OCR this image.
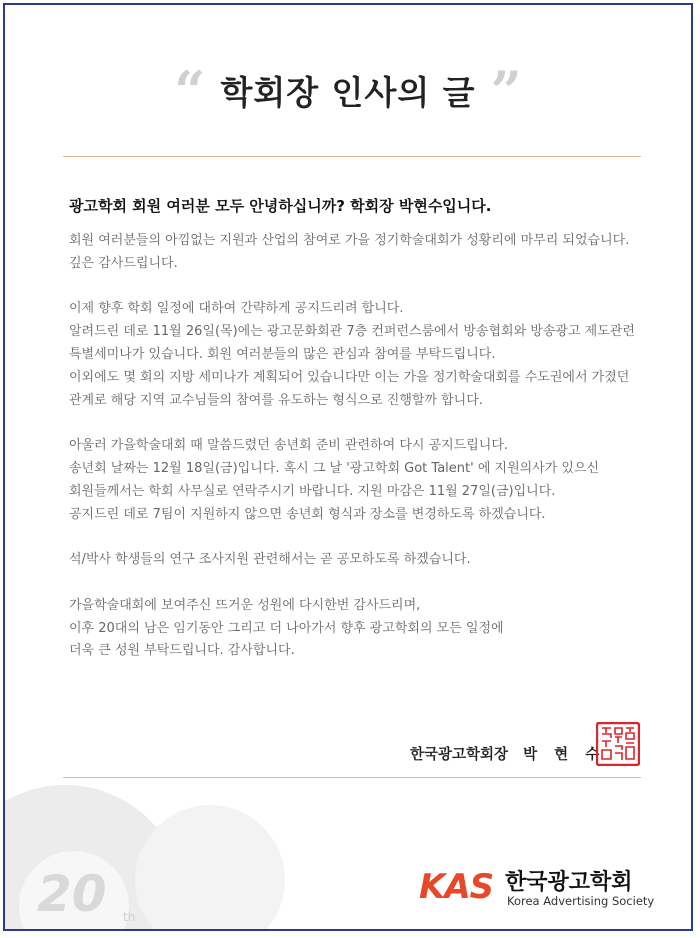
“ 학회장 인사의 글 ”
광고학회 회원 여러분 모두 안녕하십니까? 학회장 박현수입니다.
회원 여러분들의 아낌없는 지원과 산업의 참여로 가을 정기학술대회가 성황리에 마무리 되었습니다.
깊은 감사드립니다.
이제 향후 학회 일정에 대하여 간략하게 공지드리려 합니다.
알려드린 데로 11월 26일(목)에는 광고문화회관 7층 컨퍼런스룸에서 방송협회와 방송광고 제도관련
특별세미나가 있습니다. 회원 여러분들의 많은 관심과 참여를 부탁드립니다.
이외에도 몇 회의 지방 세미나가 계획되어 있습니다만 이는 가을 정기학술대회를 수도권에서 가졌던
관계로 해당 지역 교수님들의 참여를 유도하는 형식으로 진행할까 합니다.
아울러 가을학술대회 때 말씀드렸던 송년회 준비 관련하여 다시 공지드립니다.
송년회 날짜는 12월 18일(금)입니다. 혹시 그 날 '광고학회 Got Talent' 에 지원의사가 있으신
회원들께서는 학회 사무실로 연락주시기 바랍니다. 지원 마감은 11월 27일(금)입니다.
공지드린 데로 7팀이 지원하지 않으면 송년회 형식과 장소를 변경하도록 하겠습니다.
석/박사 학생들의 연구 조사지원 관련해서는 곧 공모하도록 하겠습니다.
가을학술대회에 보여주신 뜨거운 성원에 다시한번 감사드리며,
이후 20대의 남은 임기동안 그리고 더 나아가서 향후 광고학회의 모든 일정에
더욱 큰 성원 부탁드립니다. 감사합니다.
한국광고학회장 박 현 수
20 th
KAS 한국광고학회
Korea Advertising Society
